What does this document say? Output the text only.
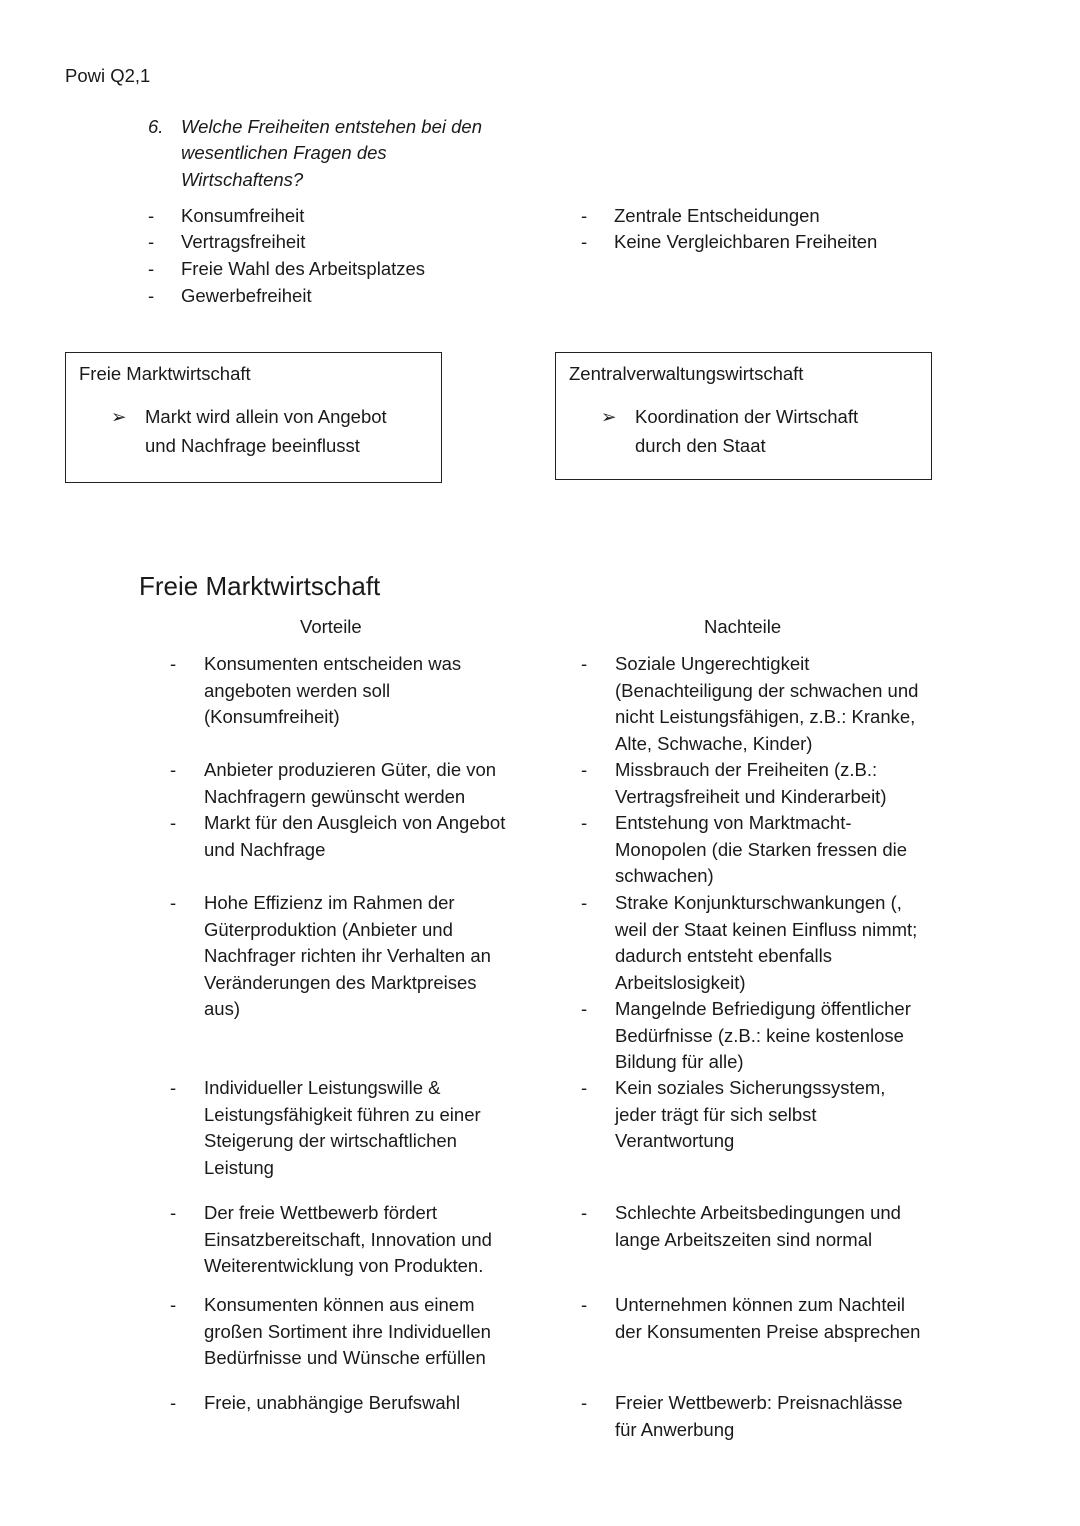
Powi Q2,1
6. Welche Freiheiten entstehen bei den
wesentlichen Fragen des
Wirtschaftens?
- Konsumfreiheit
- Vertragsfreiheit
- Freie Wahl des Arbeitsplatzes
- Gewerbefreiheit
- Zentrale Entscheidungen
- Keine Vergleichbaren Freiheiten
Freie Marktwirtschaft
➢ Markt wird allein von Angebot
und Nachfrage beeinflusst
Zentralverwaltungswirtschaft
➢ Koordination der Wirtschaft
durch den Staat
Freie Marktwirtschaft
Vorteile	Nachteile
- Konsumenten entscheiden was
angeboten werden soll
(Konsumfreiheit)
- Anbieter produzieren Güter, die von
Nachfragern gewünscht werden
- Markt für den Ausgleich von Angebot
und Nachfrage
- Hohe Effizienz im Rahmen der
Güterproduktion (Anbieter und
Nachfrager richten ihr Verhalten an
Veränderungen des Marktpreises
aus)
- Individueller Leistungswille &
Leistungsfähigkeit führen zu einer
Steigerung der wirtschaftlichen
Leistung
- Der freie Wettbewerb fördert
Einsatzbereitschaft, Innovation und
Weiterentwicklung von Produkten.
- Konsumenten können aus einem
großen Sortiment ihre Individuellen
Bedürfnisse und Wünsche erfüllen
- Freie, unabhängige Berufswahl
- Soziale Ungerechtigkeit
(Benachteiligung der schwachen und
nicht Leistungsfähigen, z.B.: Kranke,
Alte, Schwache, Kinder)
- Missbrauch der Freiheiten (z.B.:
Vertragsfreiheit und Kinderarbeit)
- Entstehung von Marktmacht-
Monopolen (die Starken fressen die
schwachen)
- Strake Konjunkturschwankungen (,
weil der Staat keinen Einfluss nimmt;
dadurch entsteht ebenfalls
Arbeitslosigkeit)
- Mangelnde Befriedigung öffentlicher
Bedürfnisse (z.B.: keine kostenlose
Bildung für alle)
- Kein soziales Sicherungssystem,
jeder trägt für sich selbst
Verantwortung
- Schlechte Arbeitsbedingungen und
lange Arbeitszeiten sind normal
- Unternehmen können zum Nachteil
der Konsumenten Preise absprechen
- Freier Wettbewerb: Preisnachlässe
für Anwerbung
